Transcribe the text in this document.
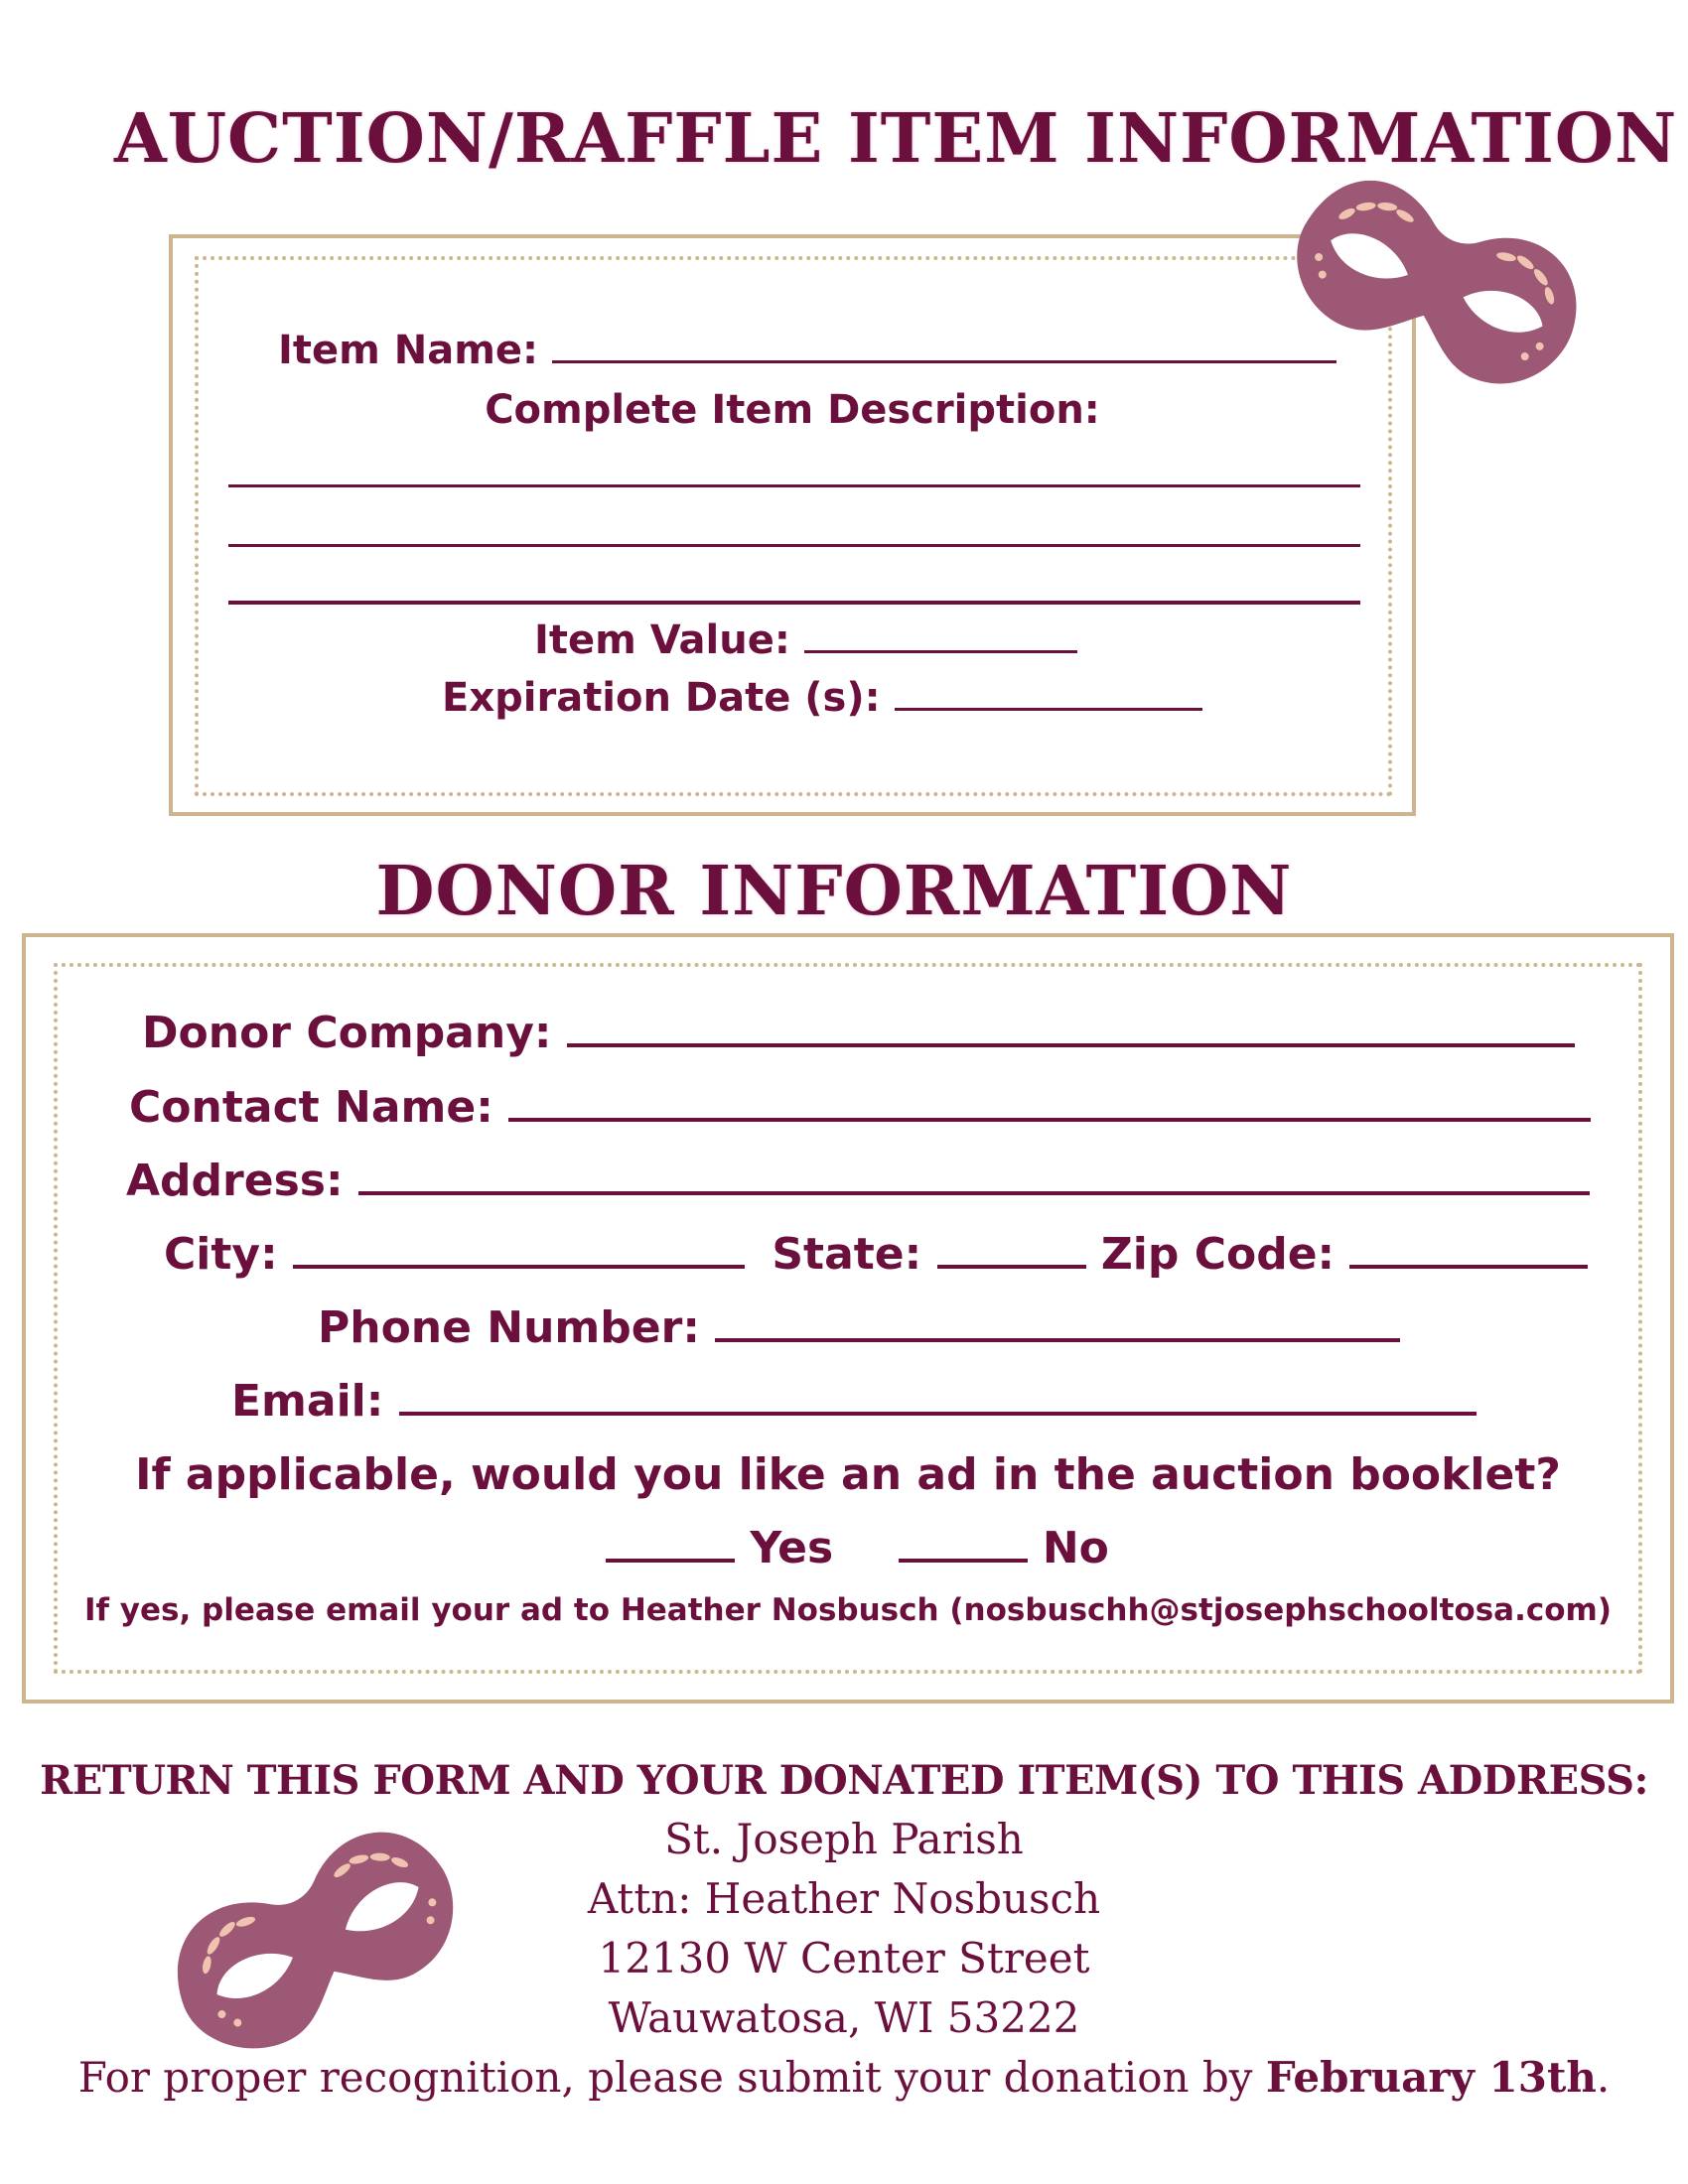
AUCTION/RAFFLE ITEM INFORMATION
Item Name:
Complete Item Description:
Item Value:
Expiration Date (s):
DONOR INFORMATION
Donor Company:
Contact Name:
Address:
City:	State:	Zip Code:
Phone Number:
Email:
If applicable, would you like an ad in the auction booklet?
Yes	No
If yes, please email your ad to Heather Nosbusch (nosbuschh@stjosephschooltosa.com)
RETURN THIS FORM AND YOUR DONATED ITEM(S) TO THIS ADDRESS:
St. Joseph Parish
Attn: Heather Nosbusch
12130 W Center Street
Wauwatosa, WI 53222
For proper recognition, please submit your donation by February 13th.
